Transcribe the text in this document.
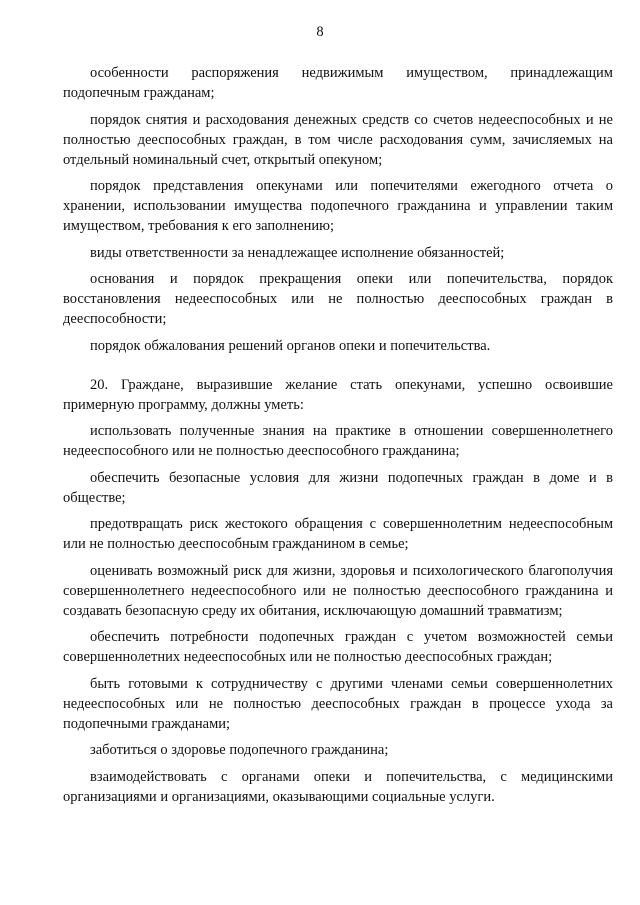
8

особенности распоряжения недвижимым имуществом, принадлежащим подопечным гражданам;

порядок снятия и расходования денежных средств со счетов недееспособных и не полностью дееспособных граждан, в том числе расходования сумм, зачисляемых на отдельный номинальный счет, открытый опекуном;

порядок представления опекунами или попечителями ежегодного отчета о хранении, использовании имущества подопечного гражданина и управлении таким имуществом, требования к его заполнению;

виды ответственности за ненадлежащее исполнение обязанностей;

основания и порядок прекращения опеки или попечительства, порядок восстановления недееспособных или не полностью дееспособных граждан в дееспособности;

порядок обжалования решений органов опеки и попечительства.

20. Граждане, выразившие желание стать опекунами, успешно освоившие примерную программу, должны уметь:

использовать полученные знания на практике в отношении совершеннолетнего недееспособного или не полностью дееспособного гражданина;

обеспечить безопасные условия для жизни подопечных граждан в доме и в обществе;

предотвращать риск жестокого обращения с совершеннолетним недееспособным или не полностью дееспособным гражданином в семье;

оценивать возможный риск для жизни, здоровья и психологического благополучия совершеннолетнего недееспособного или не полностью дееспособного гражданина и создавать безопасную среду их обитания, исключающую домашний травматизм;

обеспечить потребности подопечных граждан с учетом возможностей семьи совершеннолетних недееспособных или не полностью дееспособных граждан;

быть готовыми к сотрудничеству с другими членами семьи совершеннолетних недееспособных или не полностью дееспособных граждан в процессе ухода за подопечными гражданами;

заботиться о здоровье подопечного гражданина;

взаимодействовать с органами опеки и попечительства, с медицинскими организациями и организациями, оказывающими социальные услуги.
